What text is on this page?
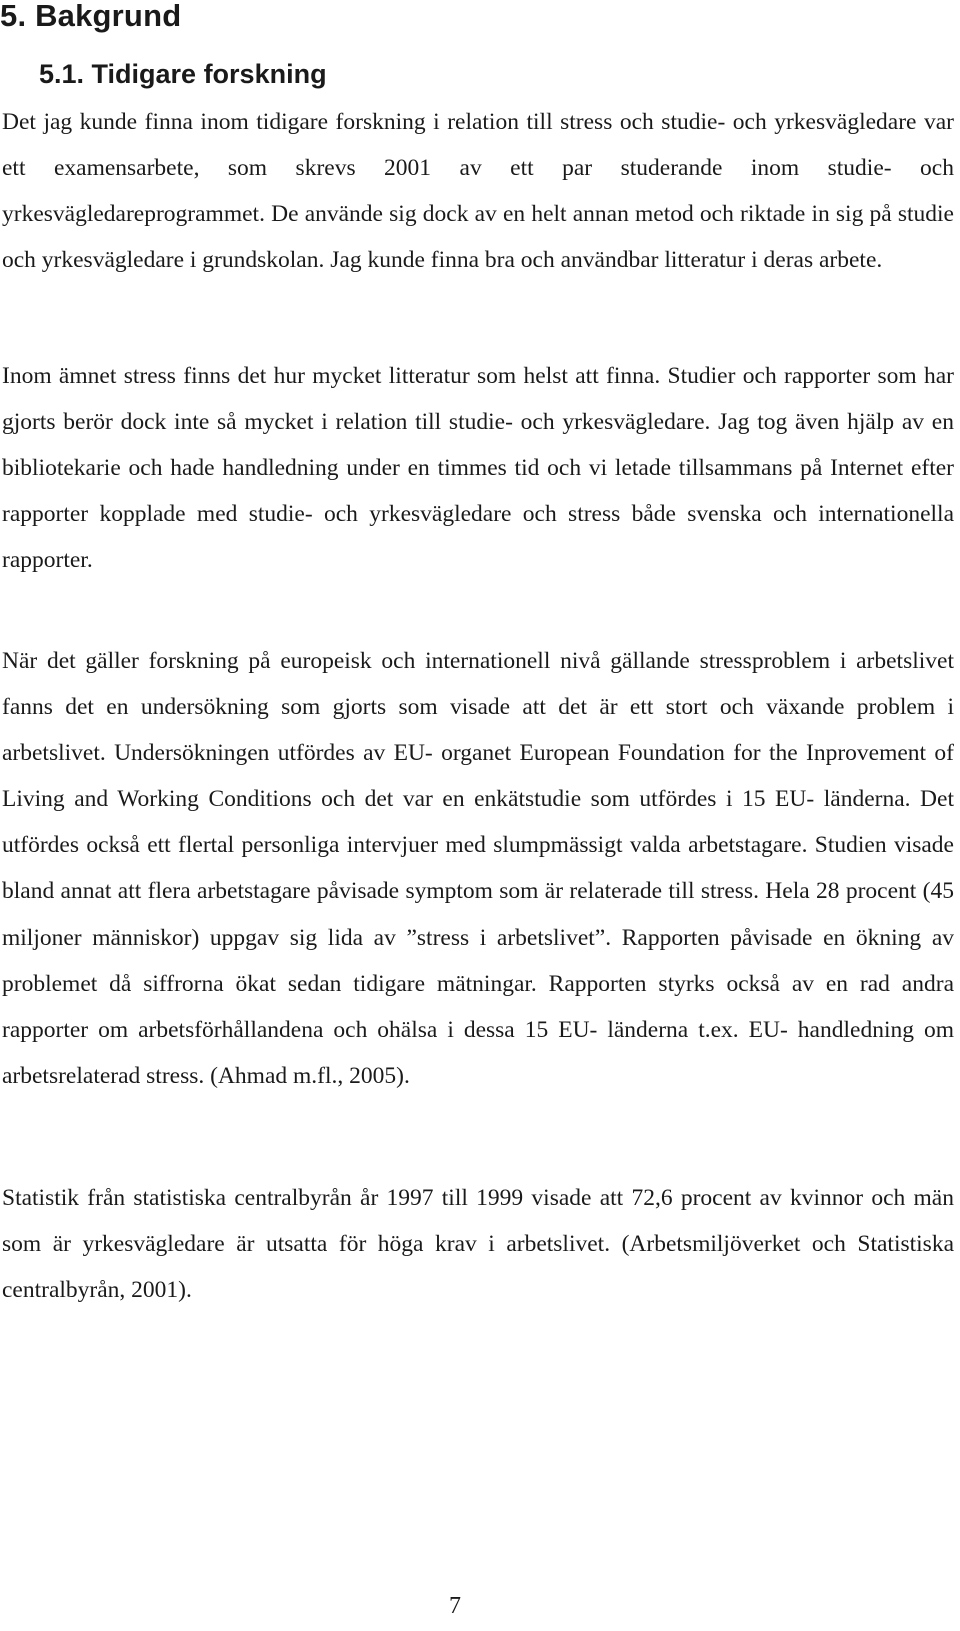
5. Bakgrund
5.1. Tidigare forskning

Det jag kunde finna inom tidigare forskning i relation till stress och studie- och yrkesvägledare var ett examensarbete, som skrevs 2001 av ett par studerande inom studie- och yrkesvägledareprogrammet. De använde sig dock av en helt annan metod och riktade in sig på studie och yrkesvägledare i grundskolan. Jag kunde finna bra och användbar litteratur i deras arbete.

Inom ämnet stress finns det hur mycket litteratur som helst att finna. Studier och rapporter som har gjorts berör dock inte så mycket i relation till studie- och yrkesvägledare. Jag tog även hjälp av en bibliotekarie och hade handledning under en timmes tid och vi letade tillsammans på Internet efter rapporter kopplade med studie- och yrkesvägledare och stress både svenska och internationella rapporter.

När det gäller forskning på europeisk och internationell nivå gällande stressproblem i arbetslivet fanns det en undersökning som gjorts som visade att det är ett stort och växande problem i arbetslivet. Undersökningen utfördes av EU- organet European Foundation for the Inprovement of Living and Working Conditions och det var en enkätstudie som utfördes i 15 EU- länderna. Det utfördes också ett flertal personliga intervjuer med slumpmässigt valda arbetstagare. Studien visade bland annat att flera arbetstagare påvisade symptom som är relaterade till stress. Hela 28 procent (45 miljoner människor) uppgav sig lida av ”stress i arbetslivet”. Rapporten påvisade en ökning av problemet då siffrorna ökat sedan tidigare mätningar. Rapporten styrks också av en rad andra rapporter om arbetsförhållandena och ohälsa i dessa 15 EU- länderna t.ex. EU- handledning om arbetsrelaterad stress. (Ahmad m.fl., 2005).

Statistik från statistiska centralbyrån år 1997 till 1999 visade att 72,6 procent av kvinnor och män som är yrkesvägledare är utsatta för höga krav i arbetslivet. (Arbetsmiljöverket och Statistiska centralbyrån, 2001).

7
